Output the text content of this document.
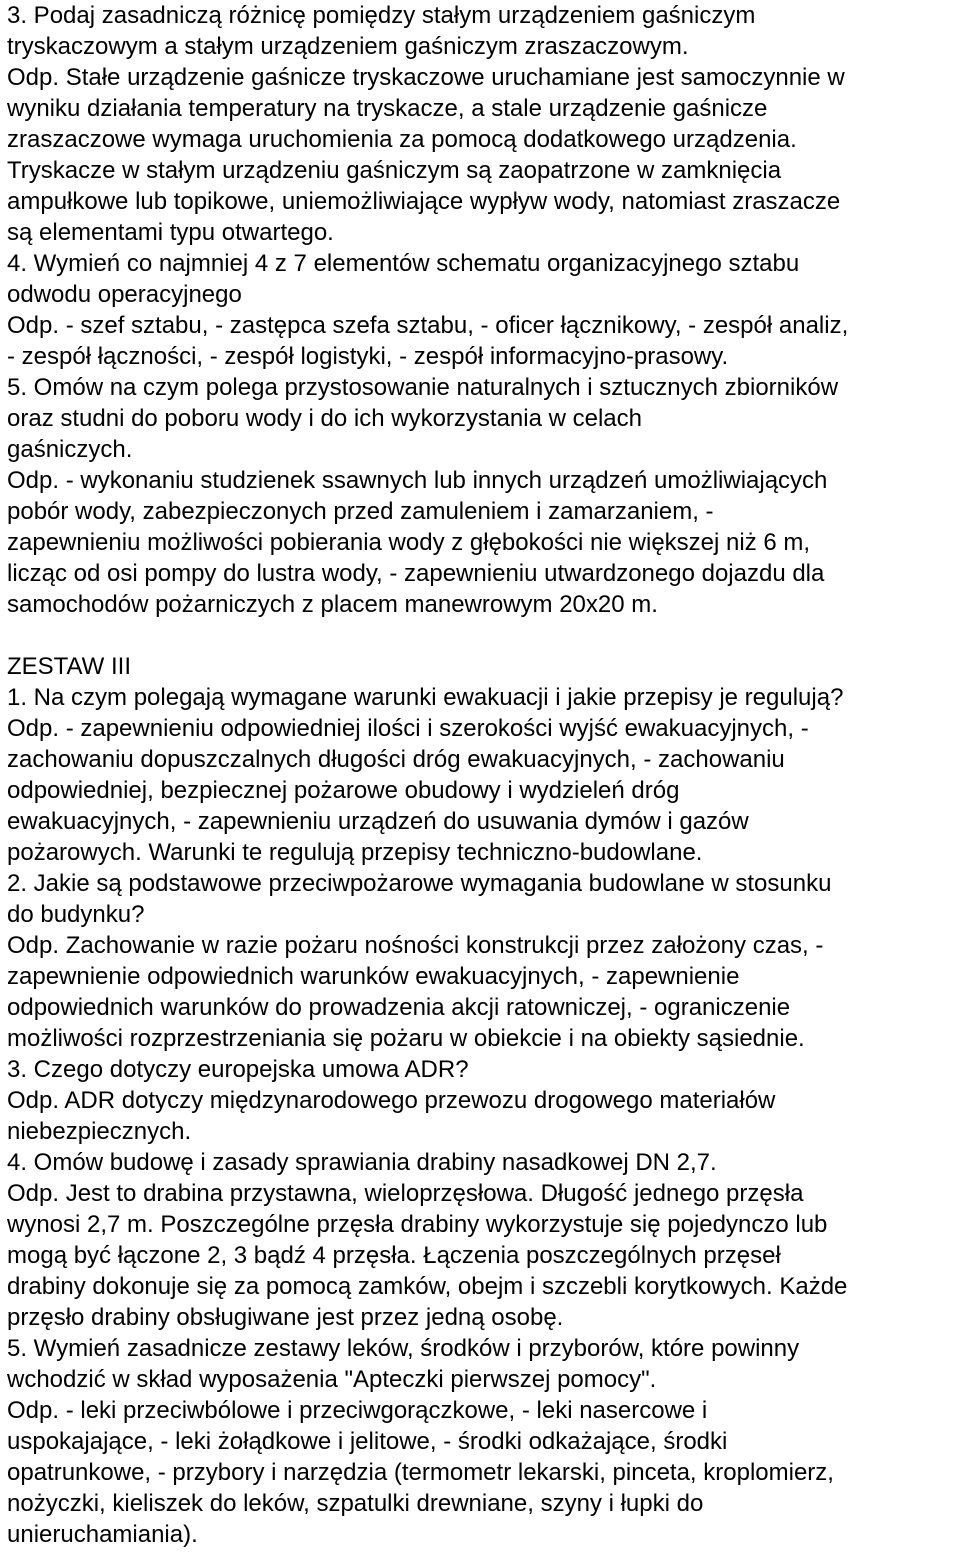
3. Podaj zasadniczą różnicę pomiędzy stałym urządzeniem gaśniczym
tryskaczowym a stałym urządzeniem gaśniczym zraszaczowym.
Odp. Stałe urządzenie gaśnicze tryskaczowe uruchamiane jest samoczynnie w
wyniku działania temperatury na tryskacze, a stale urządzenie gaśnicze
zraszaczowe wymaga uruchomienia za pomocą dodatkowego urządzenia.
Tryskacze w stałym urządzeniu gaśniczym są zaopatrzone w zamknięcia
ampułkowe lub topikowe, uniemożliwiające wypływ wody, natomiast zraszacze
są elementami typu otwartego.
4. Wymień co najmniej 4 z 7 elementów schematu organizacyjnego sztabu
odwodu operacyjnego
Odp. - szef sztabu, - zastępca szefa sztabu, - oficer łącznikowy, - zespół analiz,
- zespół łączności, - zespół logistyki, - zespół informacyjno-prasowy.
5. Omów na czym polega przystosowanie naturalnych i sztucznych zbiorników
oraz studni do poboru wody i do ich wykorzystania w celach
gaśniczych.
Odp. - wykonaniu studzienek ssawnych lub innych urządzeń umożliwiających
pobór wody, zabezpieczonych przed zamuleniem i zamarzaniem, -
zapewnieniu możliwości pobierania wody z głębokości nie większej niż 6 m,
licząc od osi pompy do lustra wody, - zapewnieniu utwardzonego dojazdu dla
samochodów pożarniczych z placem manewrowym 20x20 m.
ZESTAW III
1. Na czym polegają wymagane warunki ewakuacji i jakie przepisy je regulują?
Odp. - zapewnieniu odpowiedniej ilości i szerokości wyjść ewakuacyjnych, -
zachowaniu dopuszczalnych długości dróg ewakuacyjnych, - zachowaniu
odpowiedniej, bezpiecznej pożarowe obudowy i wydzieleń dróg
ewakuacyjnych, - zapewnieniu urządzeń do usuwania dymów i gazów
pożarowych. Warunki te regulują przepisy techniczno-budowlane.
2. Jakie są podstawowe przeciwpożarowe wymagania budowlane w stosunku
do budynku?
Odp. Zachowanie w razie pożaru nośności konstrukcji przez założony czas, -
zapewnienie odpowiednich warunków ewakuacyjnych, - zapewnienie
odpowiednich warunków do prowadzenia akcji ratowniczej, - ograniczenie
możliwości rozprzestrzeniania się pożaru w obiekcie i na obiekty sąsiednie.
3. Czego dotyczy europejska umowa ADR?
Odp. ADR dotyczy międzynarodowego przewozu drogowego materiałów
niebezpiecznych.
4. Omów budowę i zasady sprawiania drabiny nasadkowej DN 2,7.
Odp. Jest to drabina przystawna, wieloprzęsłowa. Długość jednego przęsła
wynosi 2,7 m. Poszczególne przęsła drabiny wykorzystuje się pojedynczo lub
mogą być łączone 2, 3 bądź 4 przęsła. Łączenia poszczególnych przęseł
drabiny dokonuje się za pomocą zamków, obejm i szczebli korytkowych. Każde
przęsło drabiny obsługiwane jest przez jedną osobę.
5. Wymień zasadnicze zestawy leków, środków i przyborów, które powinny
wchodzić w skład wyposażenia "Apteczki pierwszej pomocy".
Odp. - leki przeciwbólowe i przeciwgorączkowe, - leki nasercowe i
uspokajające, - leki żołądkowe i jelitowe, - środki odkażające, środki
opatrunkowe, - przybory i narzędzia (termometr lekarski, pinceta, kroplomierz,
nożyczki, kieliszek do leków, szpatulki drewniane, szyny i łupki do
unieruchamiania).
